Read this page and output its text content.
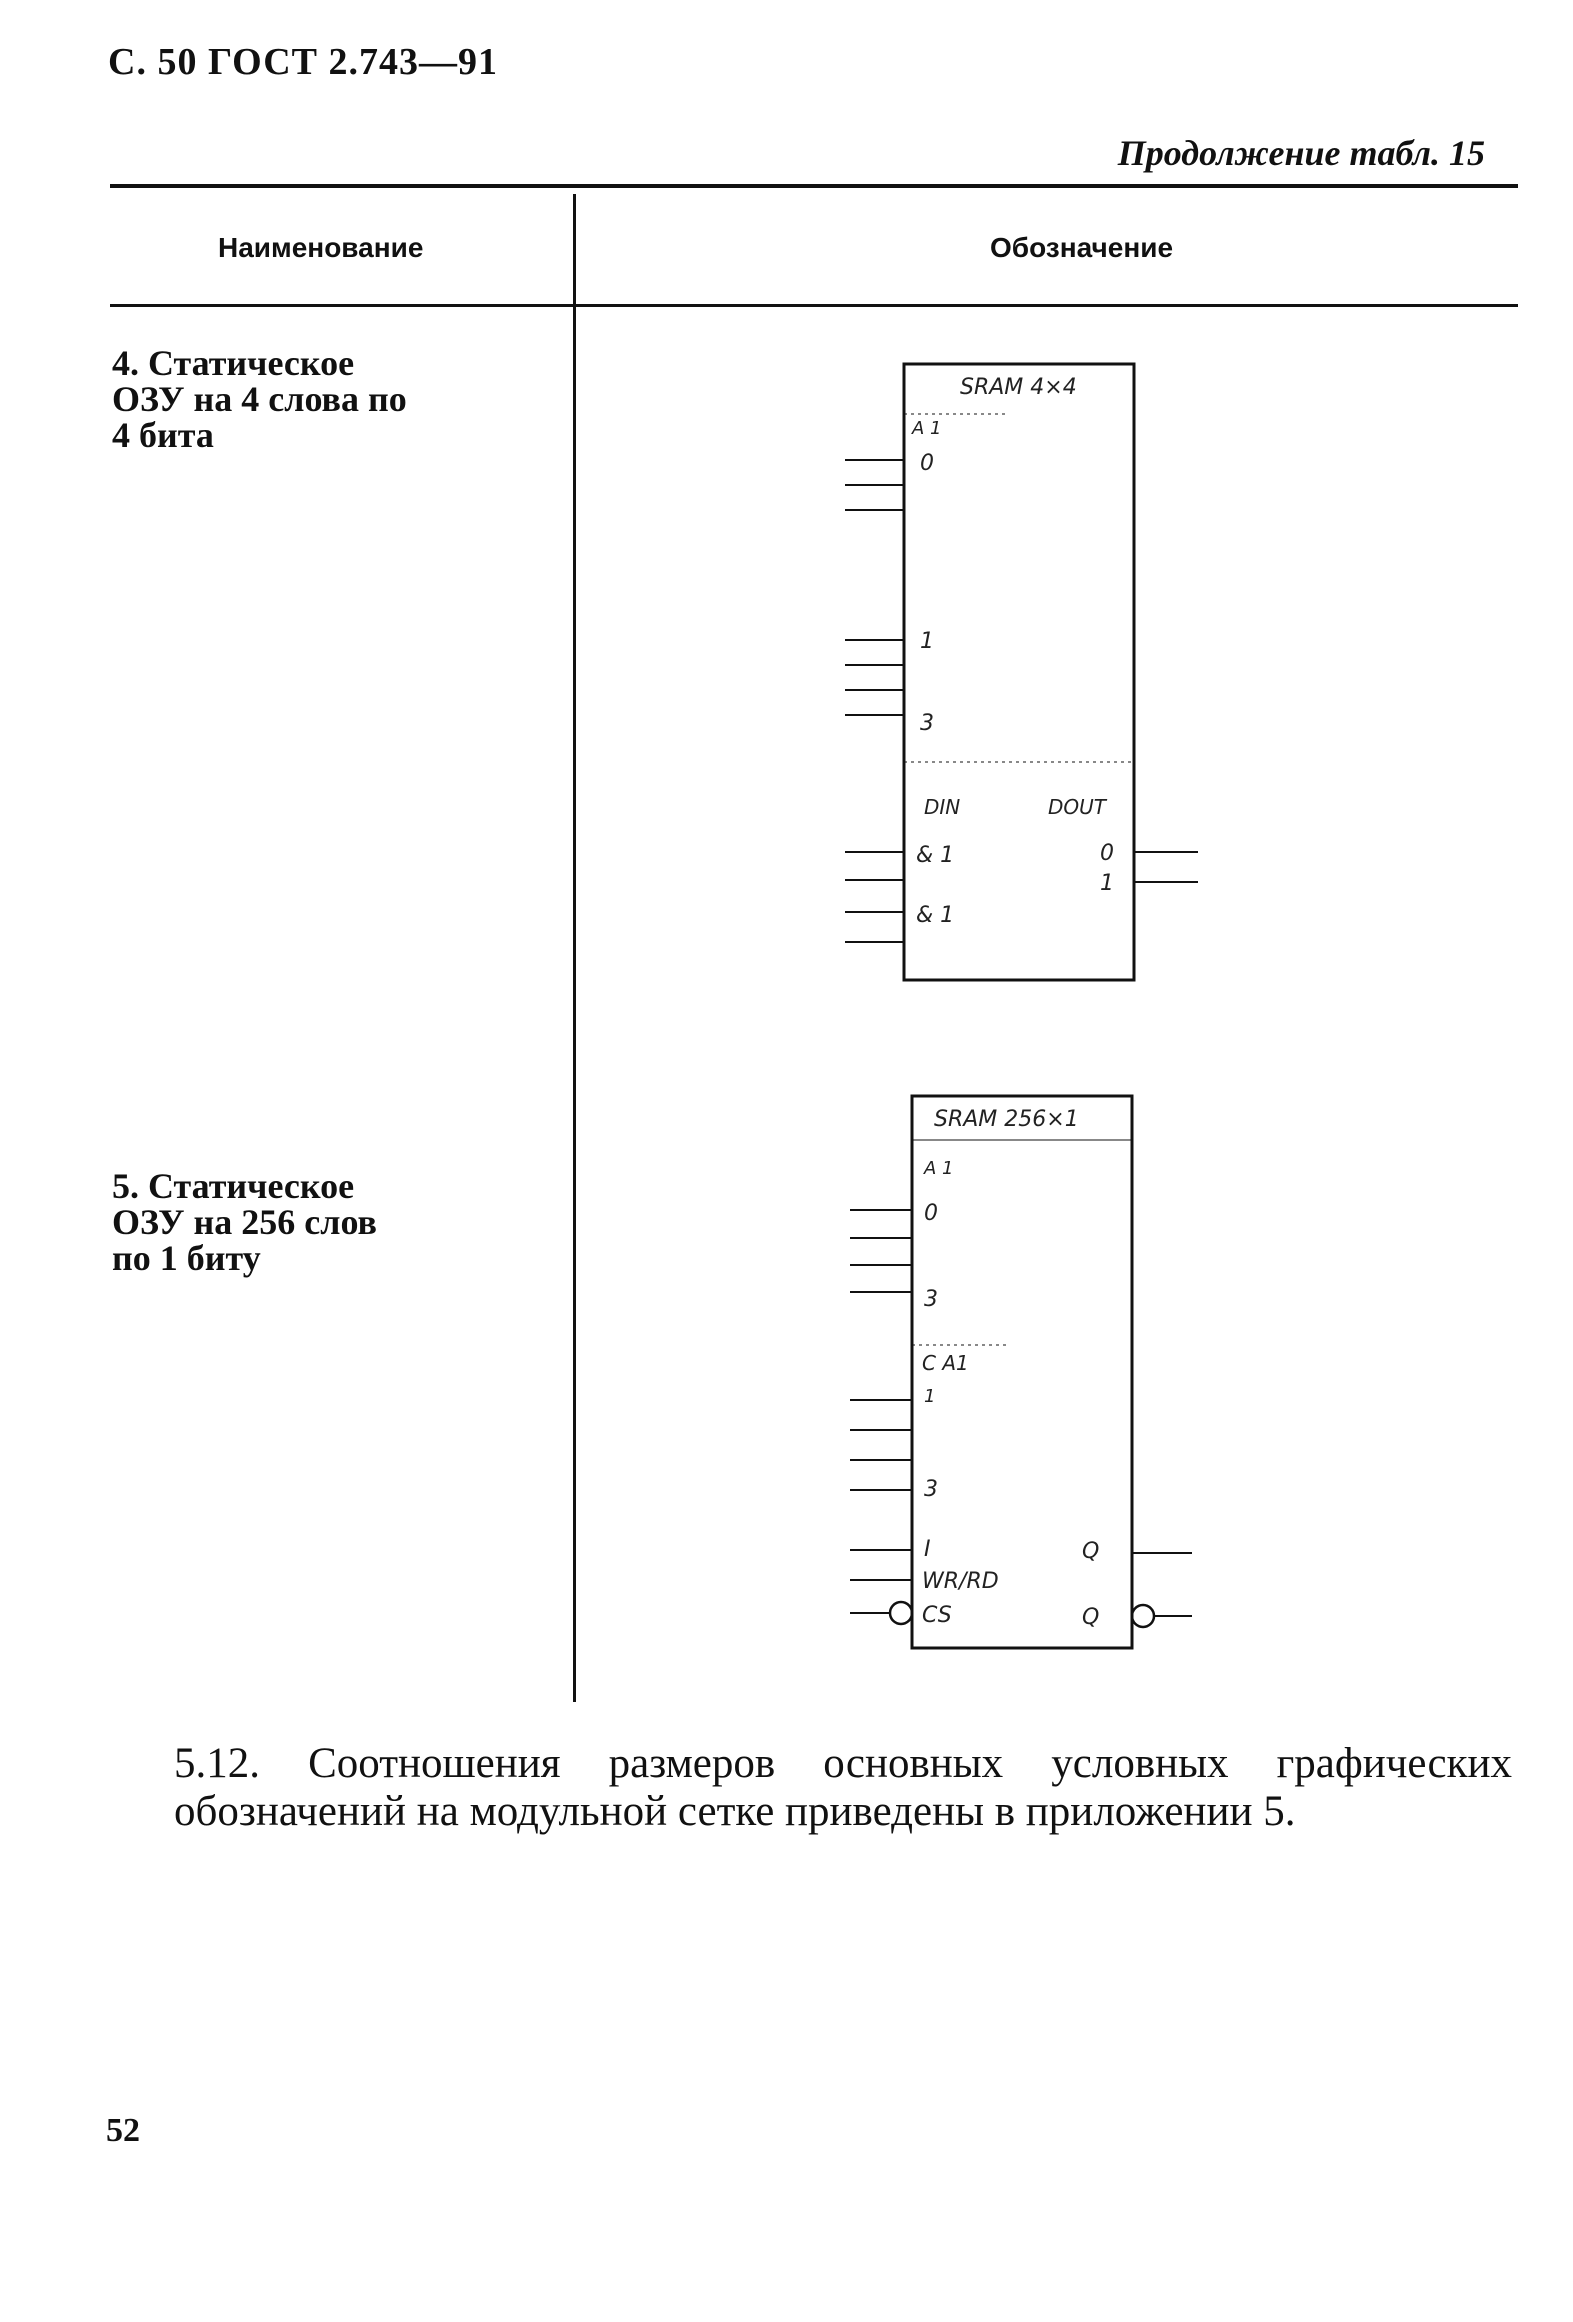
С. 50 ГОСТ 2.743—91
Продолжение табл. 15
Наименование	Обозначение
4. Статическое
ОЗУ на 4 слова по
4 бита
5. Статическое
ОЗУ на 256 слов
по 1 биту
SRAM 4×4
A 1
0
1
3
DIN	DOUT
& 1
& 1
0
1
SRAM 256×1
A 1
0
3
C A1
1
3
I
WR/RD
CS
Q
Q
5.12. Соотношения размеров основных условных графических обозначений на модульной сетке приведены в приложении 5.
52
